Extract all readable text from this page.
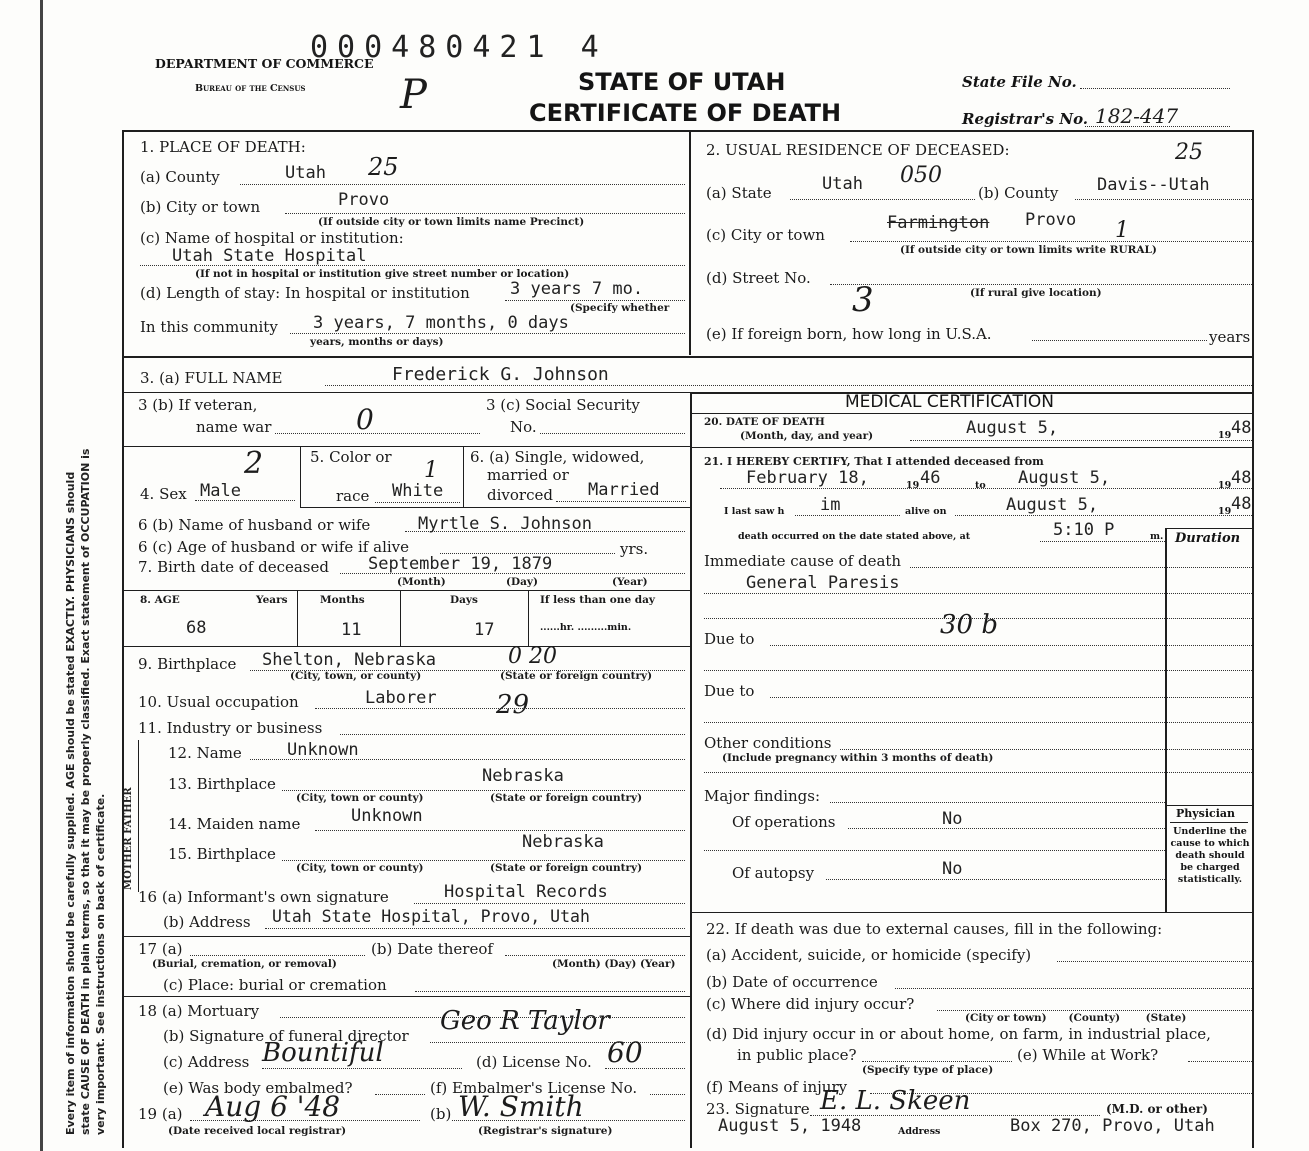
Every item of information should be carefully supplied. AGE should be stated EXACTLY. PHYSICIANS should state CAUSE OF DEATH in plain terms, so that it may be properly classified. Exact statement of OCCUPATION is very important. See instructions on back of certificate.
000480421 4
DEPARTMENT OF COMMERCE
Bureau of the Census P	STATE OF UTAH
CERTIFICATE OF DEATH
State File No.
Registrar's No. 182-447
1. PLACE OF DEATH:
(a) County	Utah 25
(b) City or town	Provo
(If outside city or town limits name Precinct)
(c) Name of hospital or institution:
Utah State Hospital
(If not in hospital or institution give street number or location)
(d) Length of stay: In hospital or institution 3 years 7 mo.
(Specify whether
In this community 3 years, 7 months, 0 days
years, months or days)
2. USUAL RESIDENCE OF DECEASED:	25
(a) State	Utah 050
(b) County Davis--Utah
(c) City or town
Farmington Provo 1
(If outside city or town limits write RURAL)
(d) Street No.
3	(If rural give location)
(e) If foreign born, how long in U.S.A.	years
3. (a) FULL NAME	Frederick G. Johnson
3 (b) If veteran,
name war	0	3 (c) Social Security
No.
4. Sex Male
2	5. Color or
race White
1
6. (a) Single, widowed,
married or
divorced Married
6 (b) Name of husband or wife	Myrtle S. Johnson
6 (c) Age of husband or wife if alive	yrs.
7. Birth date of deceased September 19, 1879
(Month)	(Day)	(Year)
8. AGE	Years	Months	Days	If less than one day
68	11	17	......hr. .........min.
9. Birthplace Shelton, Nebraska	0 20
(City, town, or county)	(State or foreign country)
10. Usual occupation	Laborer 29
11. Industry or business
MOTHER FATHER
12. Name	Unknown
13. Birthplace	Nebraska
(City, town or county)	(State or foreign country)
14. Maiden name	Unknown
15. Birthplace
Nebraska
(City, town or county)	(State or foreign country)
16 (a) Informant's own signature	Hospital Records
(b) Address Utah State Hospital, Provo, Utah
17 (a)	(b) Date thereof
(Burial, cremation, or removal)	(Month) (Day) (Year)
(c) Place: burial or cremation
18 (a) Mortuary
(b) Signature of funeral director Geo R Taylor
(c) Address Bountiful	(d) License No. 60
(e) Was body embalmed?	(f) Embalmer's License No.
19 (a) Aug 6 '48
(Date received local registrar)
(b) W. Smith
(Registrar's signature)
MEDICAL CERTIFICATION
20. DATE OF DEATH
(Month, day, and year)	August 5,	19 48
21. I HEREBY CERTIFY, That I attended deceased from
February 18,	19 46	to August 5,	19 48
I last saw h im	alive on	August 5,	19 48
death occurred on the date stated above, at	5:10 P	m. Duration
Immediate cause of death
General Paresis
Due to	30 b
Due to
Other conditions
(Include pregnancy within 3 months of death)
Major findings:
Of operations	No
Of autopsy	No
Physician
Underline the cause to which death should be charged statistically.
22. If death was due to external causes, fill in the following:
(a) Accident, suicide, or homicide (specify)
(b) Date of occurrence
(c) Where did injury occur?
(City or town)      (County)       (State)
(d) Did injury occur in or about home, on farm, in industrial place,
in public place?	(e) While at Work?
(Specify type of place)
(f) Means of injury
23. Signature E. L. Skeen	(M.D. or other)
August 5, 1948	Address	Box 270, Provo, Utah
